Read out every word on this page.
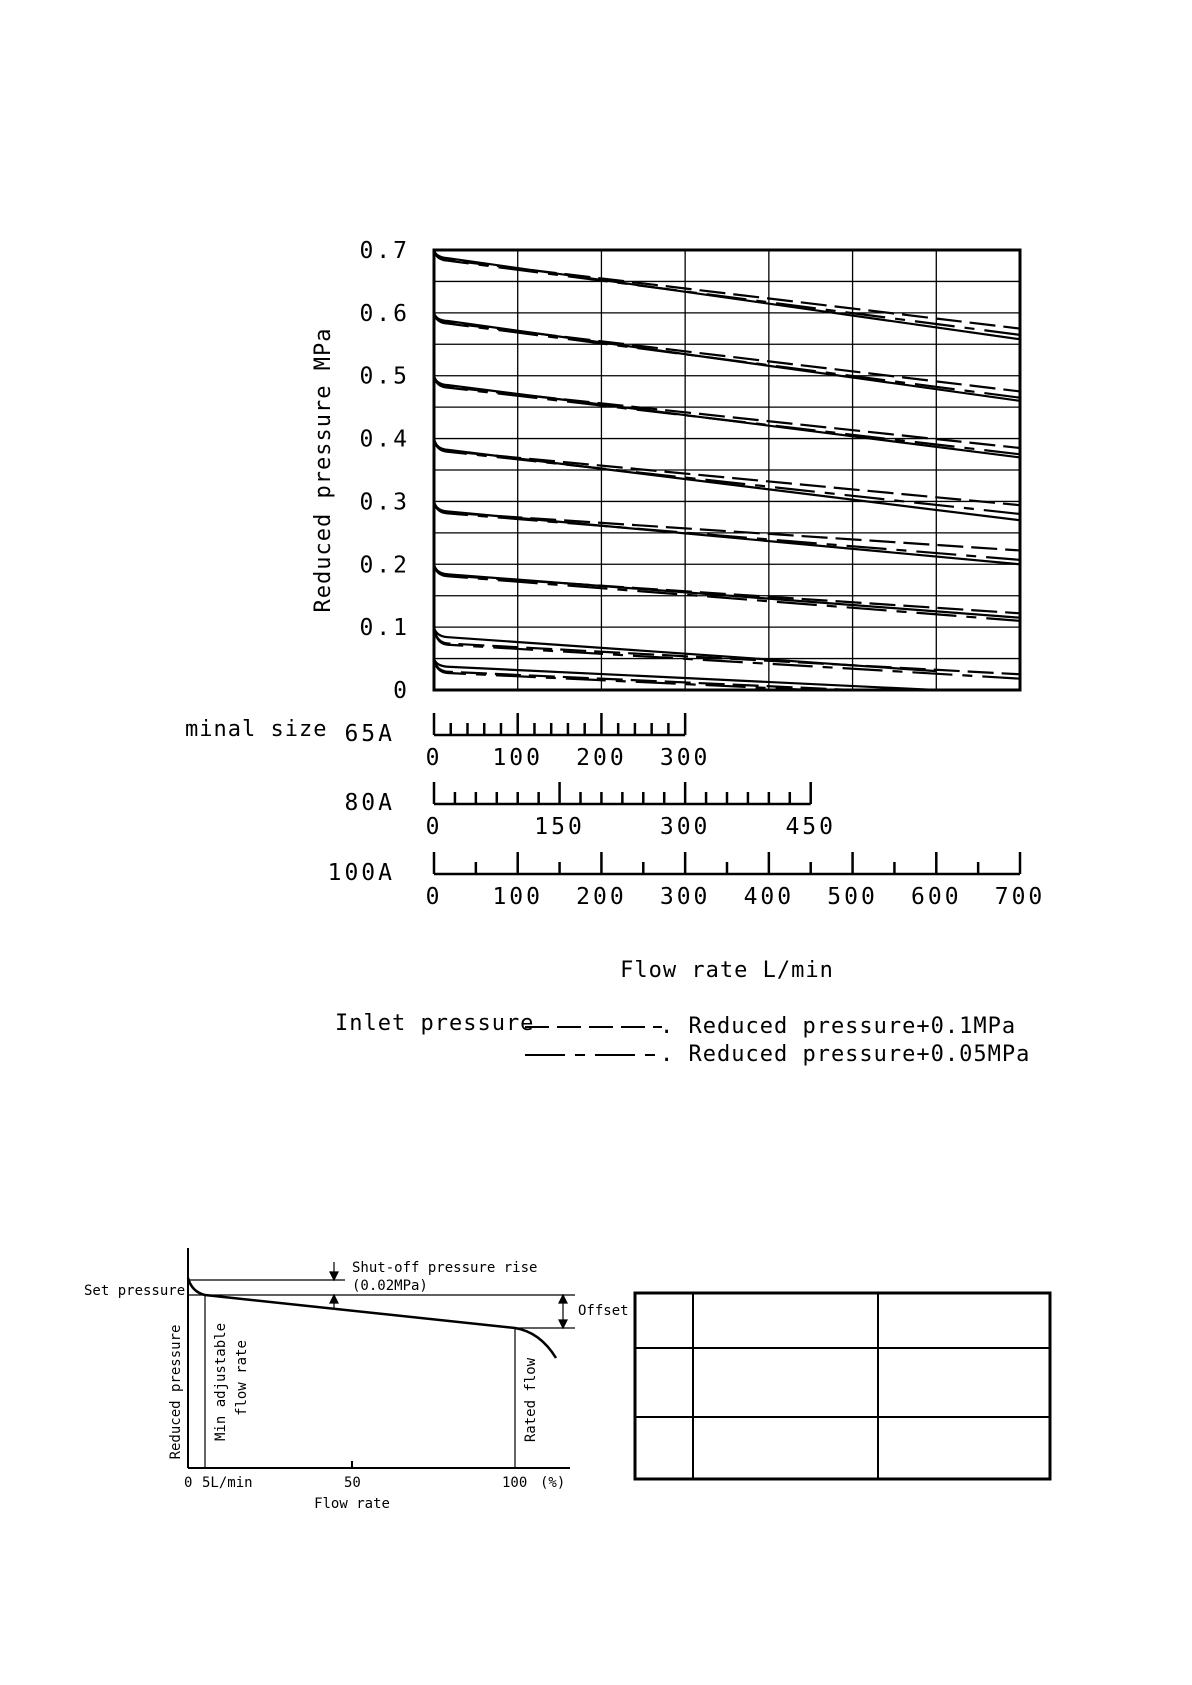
0
0.1
0.2
0.3
0.4
0.5
0.6
0.7
Reduced pressure MPa
minal size
0 100 200 300
65A
0	150	300	450
80A
0 100 200 300 400 500 600 700
100A
Flow rate L/min
Inlet pressure	. Reduced pressure+0.1MPa
. Reduced pressure+0.05MPa
Set pressure
Shut-off pressure rise
(0.02MPa)
Offset
Reduced pressure Min adjustable flow rate	Rated flow
0 5L/min	50	100 (%)
Flow rate
